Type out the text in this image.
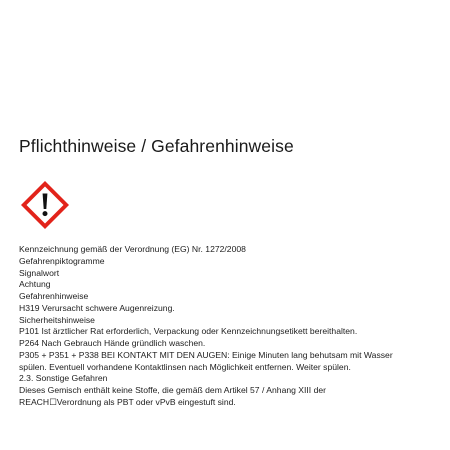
Pflichthinweise / Gefahrenhinweise
Kennzeichnung gemäß der Verordnung (EG) Nr. 1272/2008
Gefahrenpiktogramme
Signalwort
Achtung
Gefahrenhinweise
H319 Verursacht schwere Augenreizung.
Sicherheitshinweise
P101 Ist ärztlicher Rat erforderlich, Verpackung oder Kennzeichnungsetikett bereithalten.
P264 Nach Gebrauch Hände gründlich waschen.
P305 + P351 + P338 BEI KONTAKT MIT DEN AUGEN: Einige Minuten lang behutsam mit Wasser
spülen. Eventuell vorhandene Kontaktlinsen nach Möglichkeit entfernen. Weiter spülen.
2.3. Sonstige Gefahren
Dieses Gemisch enthält keine Stoffe, die gemäß dem Artikel 57 / Anhang XIII der
REACH☐Verordnung als PBT oder vPvB eingestuft sind.
